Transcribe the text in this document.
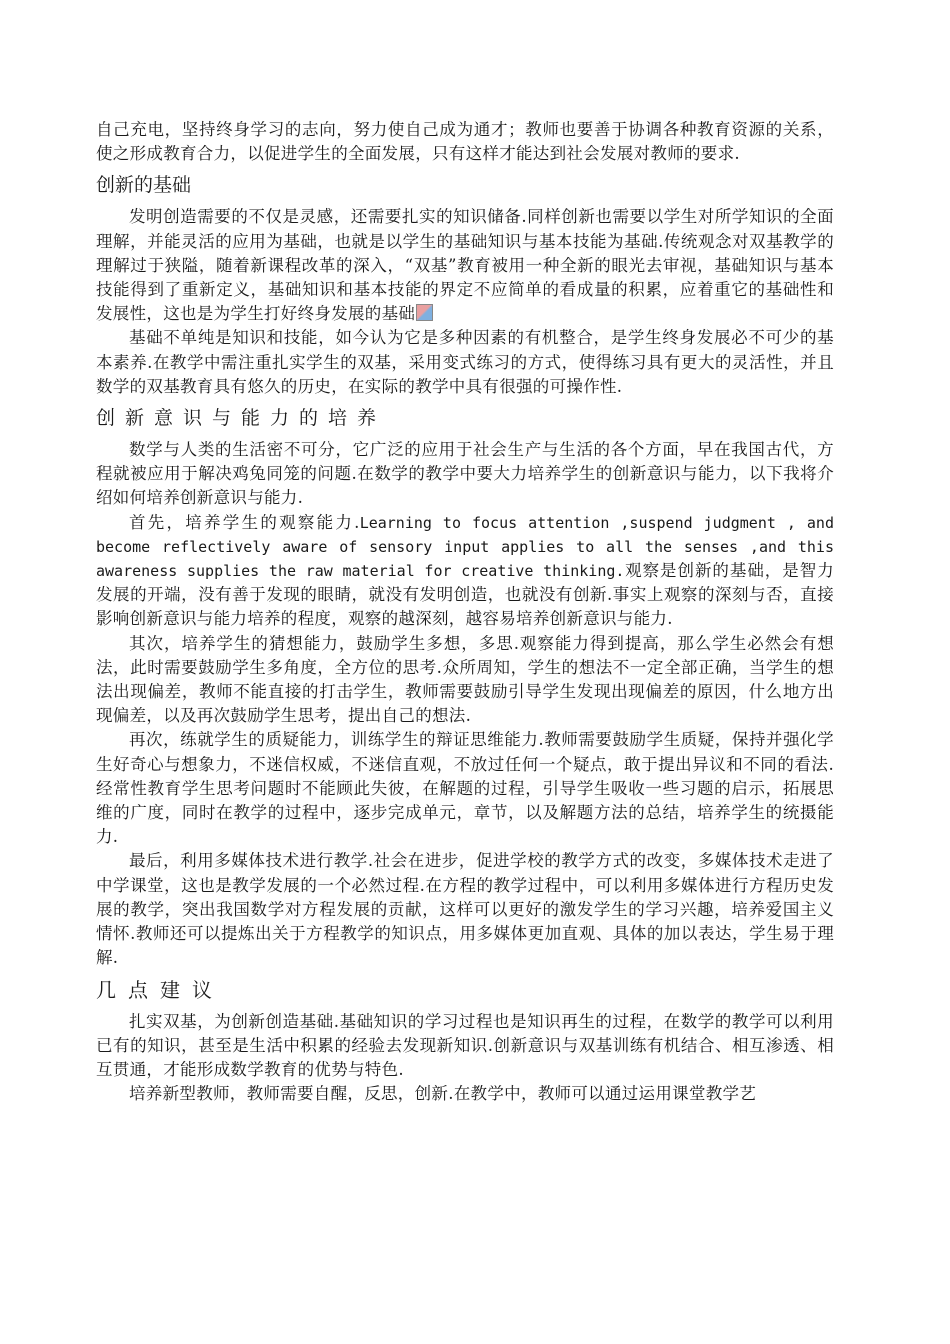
自己充电，坚持终身学习的志向，努力使自己成为通才；教师也要善于协调各种教育资源的关系，使之形成教育合力，以促进学生的全面发展，只有这样才能达到社会发展对教师的要求.

创新的基础

发明创造需要的不仅是灵感，还需要扎实的知识储备.同样创新也需要以学生对所学知识的全面理解，并能灵活的应用为基础，也就是以学生的基础知识与基本技能为基础.传统观念对双基教学的理解过于狭隘，随着新课程改革的深入，“双基”教育被用一种全新的眼光去审视，基础知识与基本技能得到了重新定义，基础知识和基本技能的界定不应简单的看成量的积累，应着重它的基础性和发展性，这也是为学生打好终身发展的基础

基础不单纯是知识和技能，如今认为它是多种因素的有机整合，是学生终身发展必不可少的基本素养.在教学中需注重扎实学生的双基，采用变式练习的方式，使得练习具有更大的灵活性，并且数学的双基教育具有悠久的历史，在实际的教学中具有很强的可操作性.

创新意识与能力的培养

数学与人类的生活密不可分，它广泛的应用于社会生产与生活的各个方面，早在我国古代，方程就被应用于解决鸡兔同笼的问题.在数学的教学中要大力培养学生的创新意识与能力，以下我将介绍如何培养创新意识与能力.

首先，培养学生的观察能力.Learning to focus attention ,suspend judgment , and become reflectively aware of sensory input applies to all the senses ,and this awareness supplies the raw material for creative thinking.观察是创新的基础，是智力发展的开端，没有善于发现的眼睛，就没有发明创造，也就没有创新.事实上观察的深刻与否，直接影响创新意识与能力培养的程度，观察的越深刻，越容易培养创新意识与能力.

其次，培养学生的猜想能力，鼓励学生多想，多思.观察能力得到提高，那么学生必然会有想法，此时需要鼓励学生多角度，全方位的思考.众所周知，学生的想法不一定全部正确，当学生的想法出现偏差，教师不能直接的打击学生，教师需要鼓励引导学生发现出现偏差的原因，什么地方出现偏差，以及再次鼓励学生思考，提出自己的想法.

再次，练就学生的质疑能力，训练学生的辩证思维能力.教师需要鼓励学生质疑，保持并强化学生好奇心与想象力，不迷信权威，不迷信直观，不放过任何一个疑点，敢于提出异议和不同的看法.经常性教育学生思考问题时不能顾此失彼，在解题的过程，引导学生吸收一些习题的启示，拓展思维的广度，同时在教学的过程中，逐步完成单元，章节，以及解题方法的总结，培养学生的统摄能力.

最后，利用多媒体技术进行教学.社会在进步，促进学校的教学方式的改变，多媒体技术走进了中学课堂，这也是教学发展的一个必然过程.在方程的教学过程中，可以利用多媒体进行方程历史发展的教学，突出我国数学对方程发展的贡献，这样可以更好的激发学生的学习兴趣，培养爱国主义情怀.教师还可以提炼出关于方程教学的知识点，用多媒体更加直观、具体的加以表达，学生易于理解.

几点建议

扎实双基，为创新创造基础.基础知识的学习过程也是知识再生的过程，在数学的教学可以利用已有的知识，甚至是生活中积累的经验去发现新知识.创新意识与双基训练有机结合、相互渗透、相互贯通，才能形成数学教育的优势与特色.

培养新型教师，教师需要自醒，反思，创新.在教学中，教师可以通过运用课堂教学艺
